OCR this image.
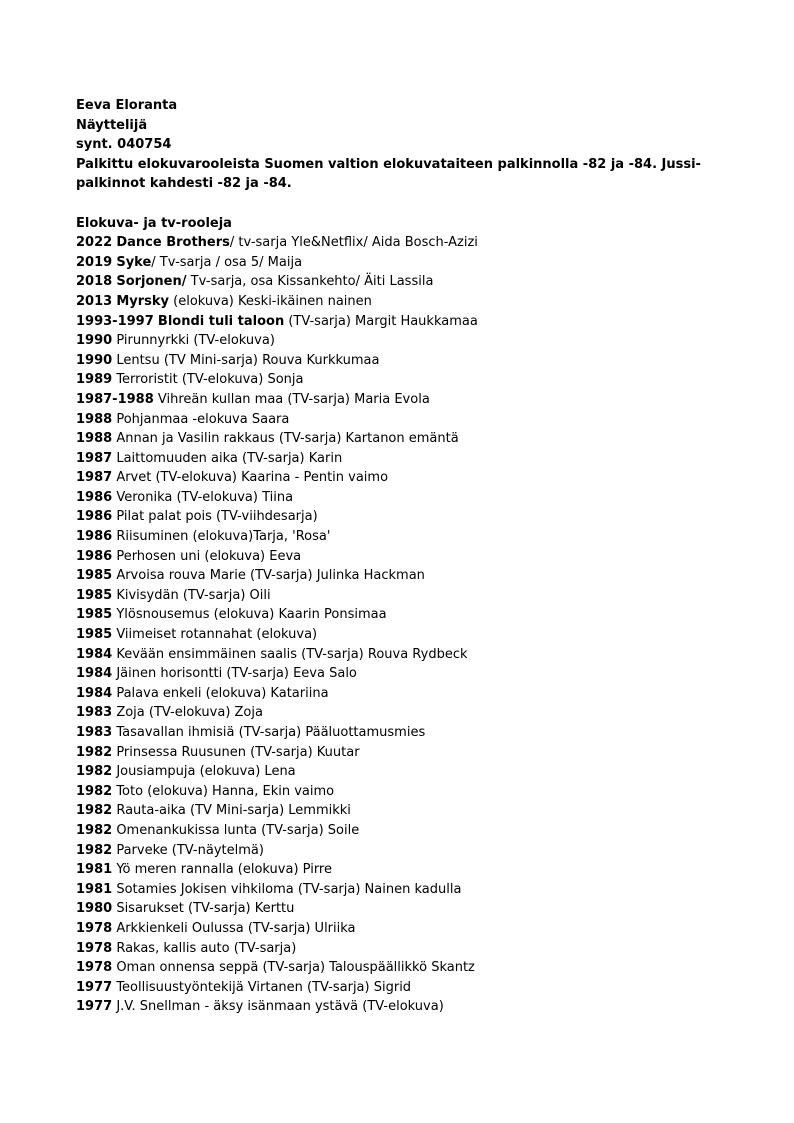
Eeva Eloranta
Näyttelijä
synt. 040754
Palkittu elokuvarooleista Suomen valtion elokuvataiteen palkinnolla -82 ja -84. Jussi-palkinnot kahdesti -82 ja -84.
Elokuva- ja tv-rooleja
2022 Dance Brothers/ tv-sarja Yle&Netflix/ Aida Bosch-Azizi
2019 Syke/ Tv-sarja / osa 5/ Maija
2018 Sorjonen/ Tv-sarja, osa Kissankehto/ Äiti Lassila
2013 Myrsky (elokuva) Keski-ikäinen nainen
1993-1997 Blondi tuli taloon (TV-sarja) Margit Haukkamaa
1990 Pirunnyrkki (TV-elokuva)
1990 Lentsu (TV Mini-sarja) Rouva Kurkkumaa
1989 Terroristit (TV-elokuva) Sonja
1987-1988 Vihreän kullan maa (TV-sarja) Maria Evola
1988 Pohjanmaa -elokuva Saara
1988 Annan ja Vasilin rakkaus (TV-sarja) Kartanon emäntä
1987 Laittomuuden aika (TV-sarja) Karin
1987 Arvet (TV-elokuva) Kaarina - Pentin vaimo
1986 Veronika (TV-elokuva) Tiina
1986 Pilat palat pois (TV-viihdesarja)
1986 Riisuminen (elokuva)Tarja, 'Rosa'
1986 Perhosen uni (elokuva) Eeva
1985 Arvoisa rouva Marie (TV-sarja) Julinka Hackman
1985 Kivisydän (TV-sarja) Oili
1985 Ylösnousemus (elokuva) Kaarin Ponsimaa
1985 Viimeiset rotannahat (elokuva)
1984 Kevään ensimmäinen saalis (TV-sarja) Rouva Rydbeck
1984 Jäinen horisontti (TV-sarja) Eeva Salo
1984 Palava enkeli (elokuva) Katariina
1983 Zoja (TV-elokuva) Zoja
1983 Tasavallan ihmisiä (TV-sarja) Pääluottamusmies
1982 Prinsessa Ruusunen (TV-sarja) Kuutar
1982 Jousiampuja (elokuva) Lena
1982 Toto (elokuva) Hanna, Ekin vaimo
1982 Rauta-aika (TV Mini-sarja) Lemmikki
1982 Omenankukissa lunta (TV-sarja) Soile
1982 Parveke (TV-näytelmä)
1981 Yö meren rannalla (elokuva) Pirre
1981 Sotamies Jokisen vihkiloma (TV-sarja) Nainen kadulla
1980 Sisarukset (TV-sarja) Kerttu
1978 Arkkienkeli Oulussa (TV-sarja) Ulriika
1978 Rakas, kallis auto (TV-sarja)
1978 Oman onnensa seppä (TV-sarja) Talouspäällikkö Skantz
1977 Teollisuustyöntekijä Virtanen (TV-sarja) Sigrid
1977 J.V. Snellman - äksy isänmaan ystävä (TV-elokuva)
